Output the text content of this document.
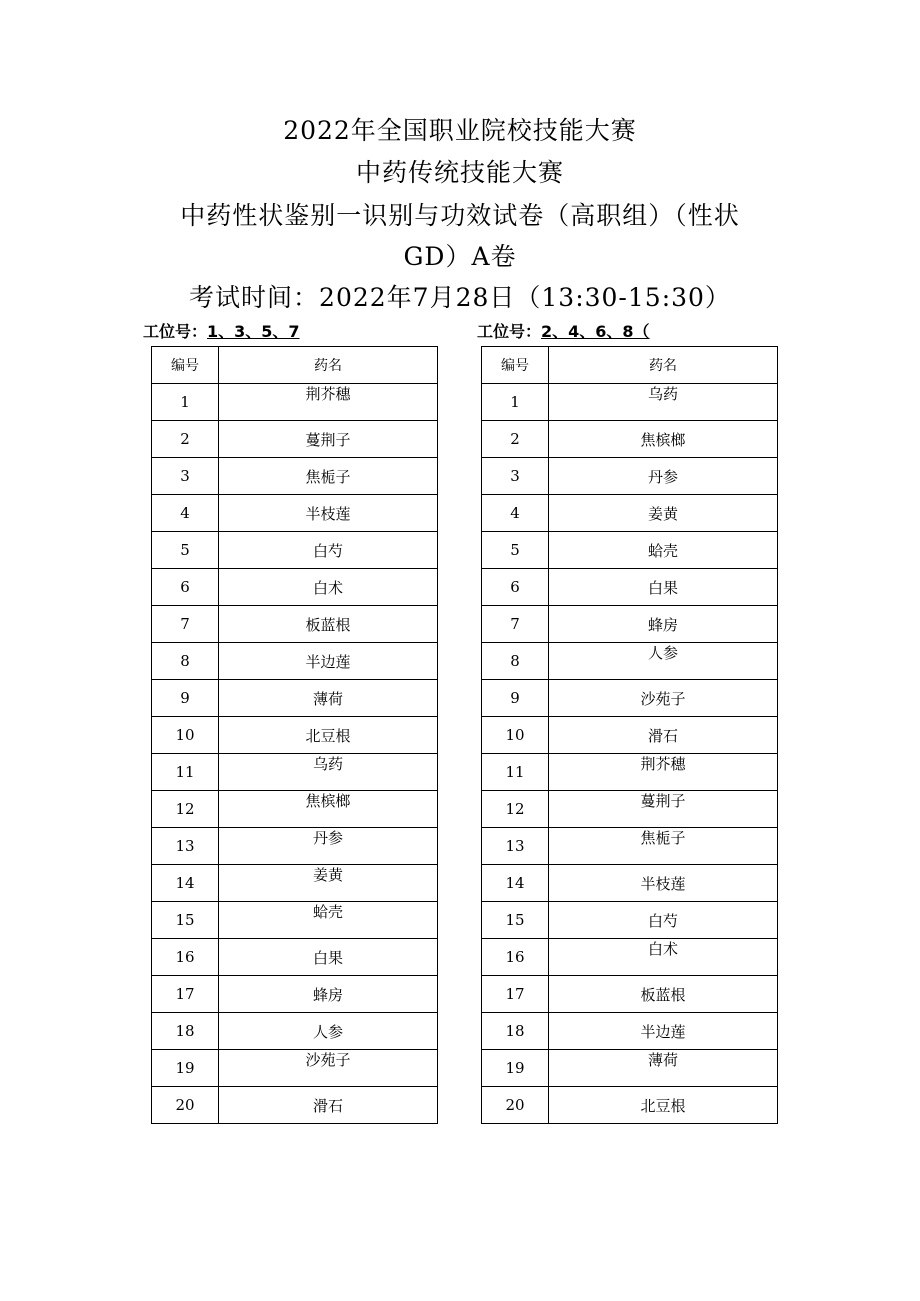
2022年全国职业院校技能大赛
中药传统技能大赛
中药性状鉴别一识别与功效试卷（高职组）（性状
GD）A卷
考试时间：2022年7月28日（13:30-15:30）
工位号：1、3、5、7	工位号：2、4、6、8（
编号	药名
1	荆芥穗

2	蔓荆子
3	焦栀子
4	半枝莲
5	白芍
6	白术
7	板蓝根
8	半边莲
9	薄荷
10	北豆根
11	乌药

12	焦槟榔

13	丹参

14	姜黄

15	蛤壳

16	白果
17	蜂房
18	人参
19	沙苑子

20	滑石
编号	药名
1	乌药

2	焦槟榔
3	丹参
4	姜黄
5	蛤壳
6	白果
7	蜂房
8	人参

9	沙苑子
10	滑石
11	荆芥穗

12	蔓荆子

13	焦栀子

14	半枝莲
15	白芍
16	白术

17	板蓝根
18	半边莲
19	薄荷

20	北豆根
